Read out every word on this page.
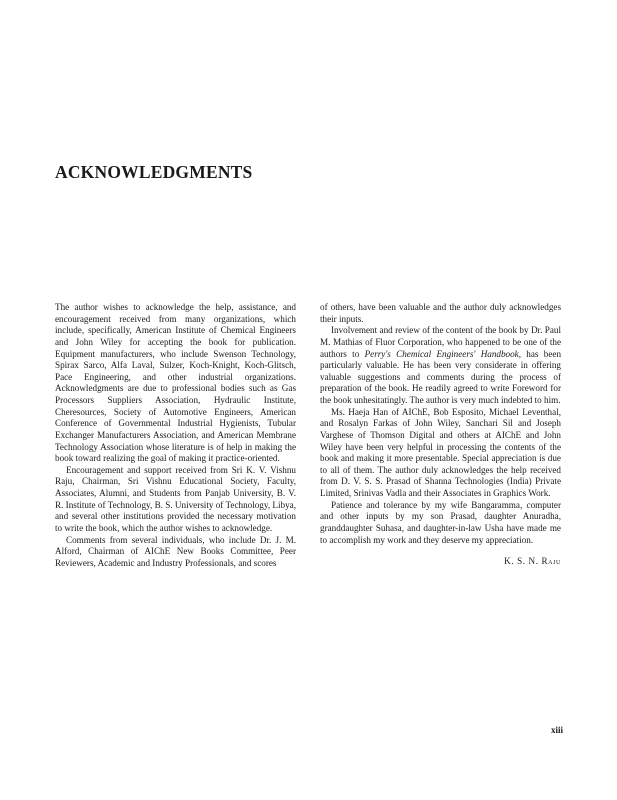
ACKNOWLEDGMENTS

The author wishes to acknowledge the help, assistance, and encouragement received from many organizations, which include, specifically, American Institute of Chemical Engineers and John Wiley for accepting the book for publication. Equipment manufacturers, who include Swenson Technology, Spirax Sarco, Alfa Laval, Sulzer, Koch-Knight, Koch-Glitsch, Pace Engineering, and other industrial organizations. Acknowledgments are due to professional bodies such as Gas Processors Suppliers Association, Hydraulic Institute, Cheresources, Society of Automotive Engineers, American Conference of Governmental Industrial Hygienists, Tubular Exchanger Manufacturers Association, and American Membrane Technology Association whose literature is of help in making the book toward realizing the goal of making it practice-oriented.

Encouragement and support received from Sri K. V. Vishnu Raju, Chairman, Sri Vishnu Educational Society, Faculty, Associates, Alumni, and Students from Panjab University, B. V. R. Institute of Technology, B. S. University of Technology, Libya, and several other institutions provided the necessary motivation to write the book, which the author wishes to acknowledge.

Comments from several individuals, who include Dr. J. M. Alford, Chairman of AIChE New Books Committee, Peer Reviewers, Academic and Industry Professionals, and scores

of others, have been valuable and the author duly acknowledges their inputs.

Involvement and review of the content of the book by Dr. Paul M. Mathias of Fluor Corporation, who happened to be one of the authors to Perry's Chemical Engineers' Handbook, has been particularly valuable. He has been very considerate in offering valuable suggestions and comments during the process of preparation of the book. He readily agreed to write Foreword for the book unhesitatingly. The author is very much indebted to him.

Ms. Haeja Han of AIChE, Bob Esposito, Michael Leventhal, and Rosalyn Farkas of John Wiley, Sanchari Sil and Joseph Varghese of Thomson Digital and others at AIChE and John Wiley have been very helpful in processing the contents of the book and making it more presentable. Special appreciation is due to all of them. The author duly acknowledges the help received from D. V. S. S. Prasad of Shanna Technologies (India) Private Limited, Srinivas Vadla and their Associates in Graphics Work.

Patience and tolerance by my wife Bangaramma, computer and other inputs by my son Prasad, daughter Anuradha, granddaughter Suhasa, and daughter-in-law Usha have made me to accomplish my work and they deserve my appreciation.

K. S. N. Raju

xiii
